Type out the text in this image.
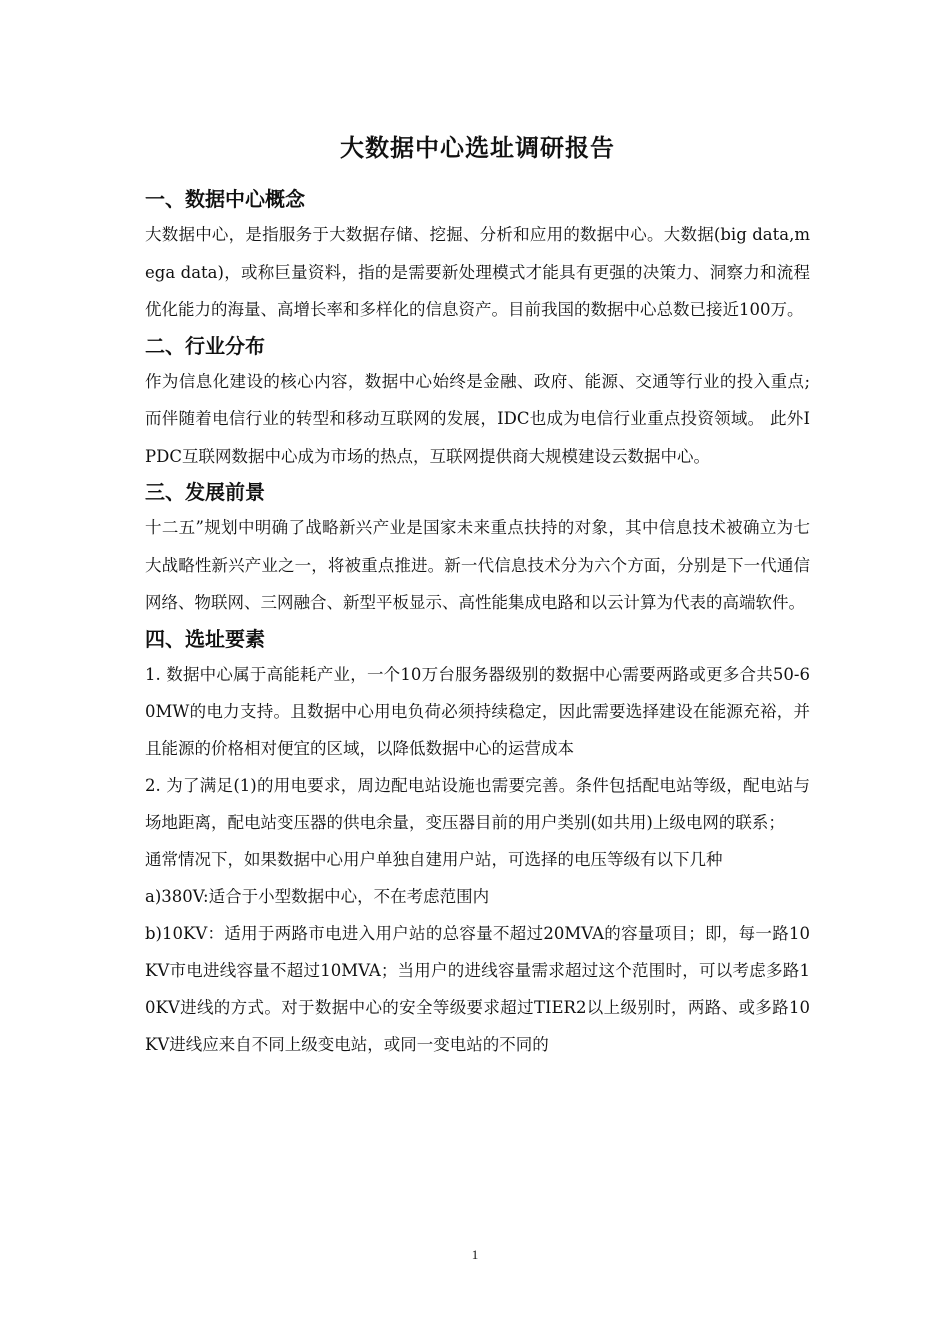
大数据中心选址调研报告
一、数据中心概念

大数据中心，是指服务于大数据存储、挖掘、分析和应用的数据中心。大数据(big data,mega data)，或称巨量资料，指的是需要新处理模式才能具有更强的决策力、洞察力和流程优化能力的海量、高增长率和多样化的信息资产。目前我国的数据中心总数已接近100万。

二、行业分布

作为信息化建设的核心内容，数据中心始终是金融、政府、能源、交通等行业的投入重点;而伴随着电信行业的转型和移动互联网的发展，IDC也成为电信行业重点投资领域。 此外IPDC互联网数据中心成为市场的热点，互联网提供商大规模建设云数据中心。

三、发展前景

十二五”规划中明确了战略新兴产业是国家未来重点扶持的对象，其中信息技术被确立为七大战略性新兴产业之一，将被重点推进。新一代信息技术分为六个方面，分别是下一代通信网络、物联网、三网融合、新型平板显示、高性能集成电路和以云计算为代表的高端软件。

四、选址要素

1. 数据中心属于高能耗产业，一个10万台服务器级别的数据中心需要两路或更多合共50-60MW的电力支持。且数据中心用电负荷必须持续稳定，因此需要选择建设在能源充裕，并且能源的价格相对便宜的区域，以降低数据中心的运营成本

2. 为了满足(1)的用电要求，周边配电站设施也需要完善。条件包括配电站等级，配电站与场地距离，配电站变压器的供电余量，变压器目前的用户类别(如共用)上级电网的联系；

通常情况下，如果数据中心用户单独自建用户站，可选择的电压等级有以下几种

a)380V:适合于小型数据中心，不在考虑范围内

b)10KV：适用于两路市电进入用户站的总容量不超过20MVA的容量项目；即，每一路10KV市电进线容量不超过10MVA；当用户的进线容量需求超过这个范围时，可以考虑多路10KV进线的方式。对于数据中心的安全等级要求超过TIER2以上级别时，两路、或多路10KV进线应来自不同上级变电站，或同一变电站的不同的

1
